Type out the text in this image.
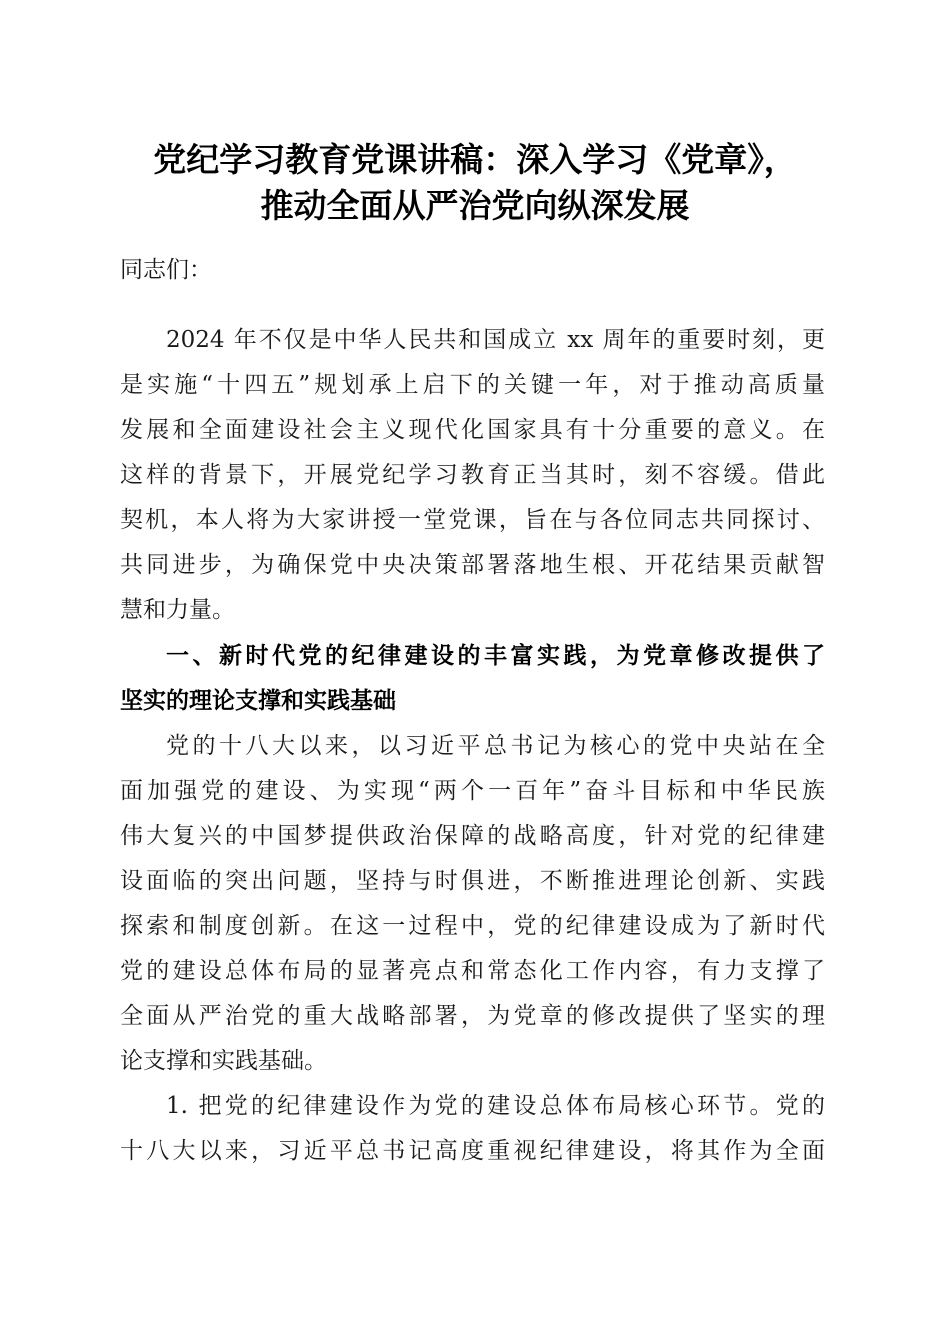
党纪学习教育党课讲稿：深入学习《党章》，
推动全面从严治党向纵深发展
同志们：
2024 年不仅是中华人民共和国成立 xx 周年的重要时刻，更
是实施“十四五”规划承上启下的关键一年，对于推动高质量
发展和全面建设社会主义现代化国家具有十分重要的意义。在
这样的背景下，开展党纪学习教育正当其时，刻不容缓。借此
契机，本人将为大家讲授一堂党课，旨在与各位同志共同探讨、
共同进步，为确保党中央决策部署落地生根、开花结果贡献智
慧和力量。
一、新时代党的纪律建设的丰富实践，为党章修改提供了
坚实的理论支撑和实践基础
党的十八大以来，以习近平总书记为核心的党中央站在全
面加强党的建设、为实现“两个一百年”奋斗目标和中华民族
伟大复兴的中国梦提供政治保障的战略高度，针对党的纪律建
设面临的突出问题，坚持与时俱进，不断推进理论创新、实践
探索和制度创新。在这一过程中，党的纪律建设成为了新时代
党的建设总体布局的显著亮点和常态化工作内容，有力支撑了
全面从严治党的重大战略部署，为党章的修改提供了坚实的理
论支撑和实践基础。
1. 把党的纪律建设作为党的建设总体布局核心环节。党的
十八大以来，习近平总书记高度重视纪律建设，将其作为全面
